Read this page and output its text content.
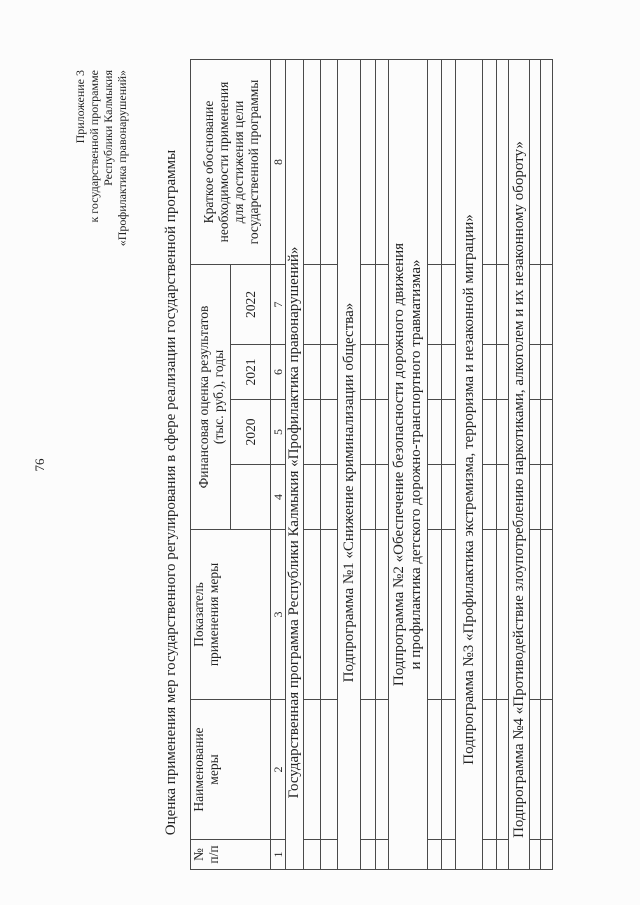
76
Приложение 3 к государственной программе Республики Калмыкия «Профилактика правонарушений» Оценка применения мер государственного регулирования в сфере реализации государственной программы
№ п/п	Наименование меры	Показатель применения меры	Финансовая оценка результатов (тыс. руб.), годы				Краткое обоснование необходимости применения для достижения цели государственной программы

				2020	2021	2022	
1	2	3	4	5	6	7	8

Государственная программа Республики Калмыкия «Профилактика правонарушений»							

Подпрограмма №1 «Снижение криминализации общества»							

Подпрограмма №2 «Обеспечение безопасности дорожного движения и профилактика детского дорожно-транспортного травматизма»							

Подпрограмма №3 «Профилактика экстремизма, терроризма и незаконной миграции»							

Подпрограмма №4 «Противодействие злоупотреблению наркотиками, алкоголем и их незаконному обороту»							
